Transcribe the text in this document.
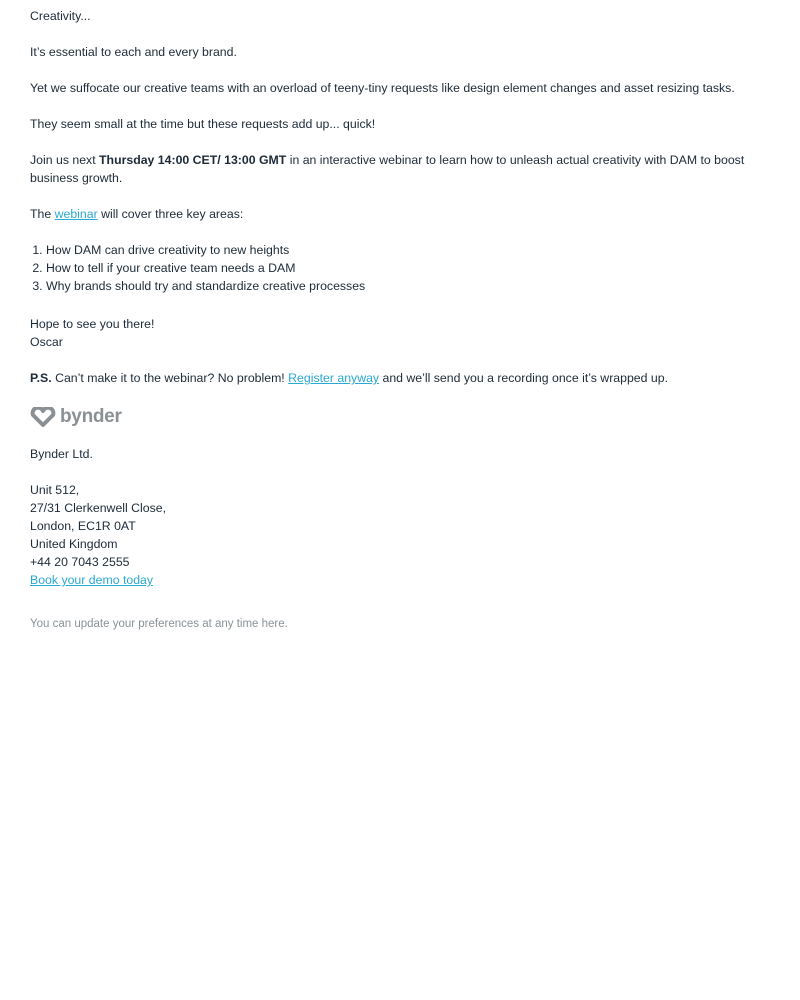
Creativity...

It’s essential to each and every brand.

Yet we suffocate our creative teams with an overload of teeny-tiny requests like design element changes and asset resizing tasks.

They seem small at the time but these requests add up... quick!

Join us next Thursday 14:00 CET/ 13:00 GMT in an interactive webinar to learn how to unleash actual creativity with DAM to boost business growth.

The webinar will cover three key areas:

1. How DAM can drive creativity to new heights
2. How to tell if your creative team needs a DAM
3. Why brands should try and standardize creative processes

Hope to see you there!
Oscar

P.S. Can’t make it to the webinar? No problem! Register anyway and we’ll send you a recording once it’s wrapped up.

bynder

Bynder Ltd.

Unit 512,
27/31 Clerkenwell Close,
London, EC1R 0AT
United Kingdom
+44 20 7043 2555
Book your demo today
You can update your preferences at any time here.
